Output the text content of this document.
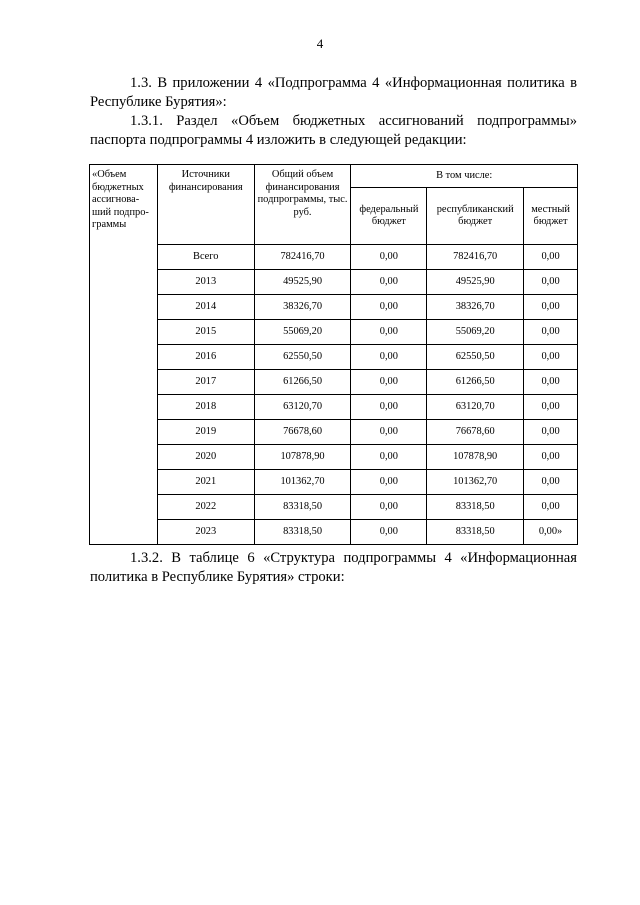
4
1.3. В приложении 4 «Подпрограмма 4 «Информационная политика в Республике Бурятия»:
1.3.1. Раздел «Объем бюджетных ассигнований подпрограммы» паспорта подпрограммы 4 изложить в следующей редакции:
«Объем бюджетных ассигнова-ший подпро-граммы	Источники финансирования	Общий объем финансирования подпрограммы, тыс. руб.	В том числе:		
			федеральный бюджет	республиканский бюджет	местный бюджет
	Всего	782416,70	0,00	782416,70	0,00
	2013	49525,90	0,00	49525,90	0,00
	2014	38326,70	0,00	38326,70	0,00
	2015	55069,20	0,00	55069,20	0,00
	2016	62550,50	0,00	62550,50	0,00
	2017	61266,50	0,00	61266,50	0,00
	2018	63120,70	0,00	63120,70	0,00
	2019	76678,60	0,00	76678,60	0,00
	2020	107878,90	0,00	107878,90	0,00
	2021	101362,70	0,00	101362,70	0,00
	2022	83318,50	0,00	83318,50	0,00
	2023	83318,50	0,00	83318,50	0,00»
1.3.2. В таблице 6 «Структура подпрограммы 4 «Информационная политика в Республике Бурятия» строки:
